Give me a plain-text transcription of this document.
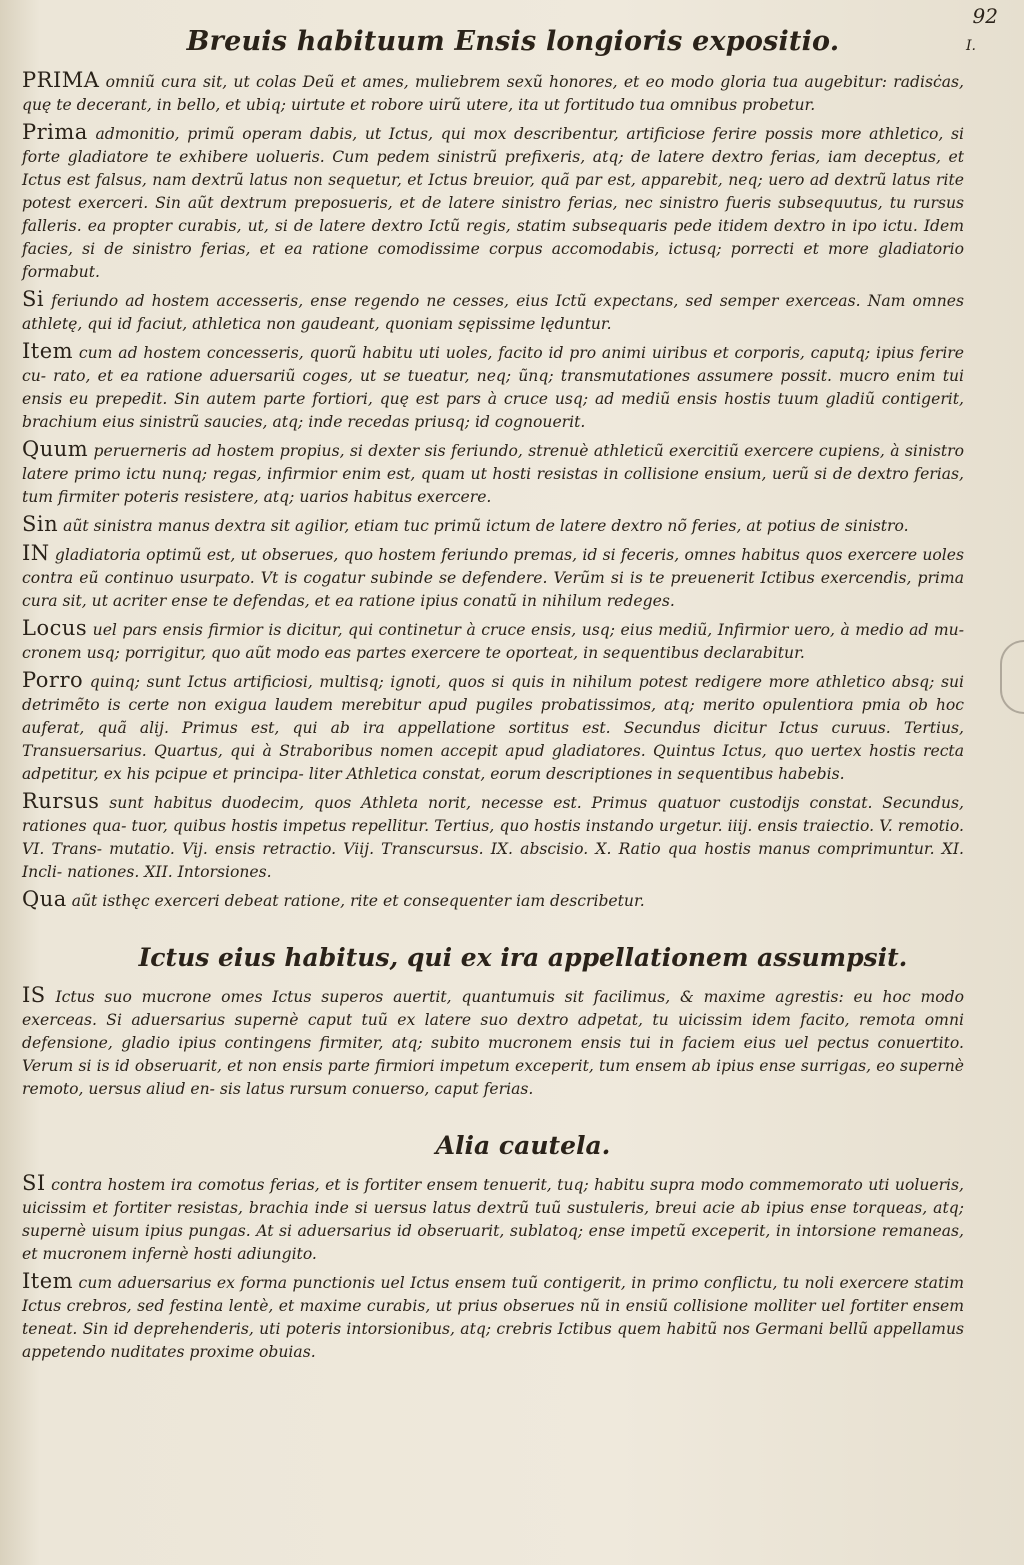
92
I.
Breuis habituum Ensis longioris expositio.

PRIMA omniũ cura sit, ut colas Deũ et ames, muliebrem sexũ honores, et eo modo gloria tua augebitur: radisċas, quę te decerant, in bello, et ubiq; uirtute et robore uirũ utere, ita ut fortitudo tua omnibus probetur.

Prima admonitio, primũ operam dabis, ut Ictus, qui mox describentur, artificiose ferire possis more athletico, si forte gladiatore te exhibere uolueris. Cum pedem sinistrũ prefixeris, atq; de latere dextro ferias, iam deceptus, et Ictus est falsus, nam dextrũ latus non sequetur, et Ictus breuior, quã par est, apparebit, neq; uero ad dextrũ latus rite potest exerceri. Sin aũt dextrum preposueris, et de latere sinistro ferias, nec sinistro fueris subsequutus, tu rursus falleris. ea propter curabis, ut, si de latere dextro Ictũ regis, statim subsequaris pede itidem dextro in ipo ictu. Idem facies, si de sinistro ferias, et ea ratione comodissime corpus accomodabis, ictusq; porrecti et more gladiatorio formabut.

Si feriundo ad hostem accesseris, ense regendo ne cesses, eius Ictũ expectans, sed semper exerceas. Nam omnes athletę, qui id faciut, athletica non gaudeant, quoniam sępissime lęduntur.

Item cum ad hostem concesseris, quorũ habitu uti uoles, facito id pro animi uiribus et corporis, caputq; ipius ferire cu- rato, et ea ratione aduersariũ coges, ut se tueatur, neq; ũnq; transmutationes assumere possit. mucro enim tui ensis eu prepedit. Sin autem parte fortiori, quę est pars à cruce usq; ad mediũ ensis hostis tuum gladiũ contigerit, brachium eius sinistrũ saucies, atq; inde recedas priusq; id cognouerit.

Quum peruerneris ad hostem propius, si dexter sis feriundo, strenuè athleticũ exercitiũ exercere cupiens, à sinistro latere primo ictu nunq; regas, infirmior enim est, quam ut hosti resistas in collisione ensium, uerũ si de dextro ferias, tum firmiter poteris resistere, atq; uarios habitus exercere.

Sin aũt sinistra manus dextra sit agilior, etiam tuc primũ ictum de latere dextro nõ feries, at potius de sinistro.

IN gladiatoria optimũ est, ut obserues, quo hostem feriundo premas, id si feceris, omnes habitus quos exercere uoles contra eũ continuo usurpato. Vt is cogatur subinde se defendere. Verũm si is te preuenerit Ictibus exercendis, prima cura sit, ut acriter ense te defendas, et ea ratione ipius conatũ in nihilum redeges.

Locus uel pars ensis firmior is dicitur, qui continetur à cruce ensis, usq; eius mediũ, Infirmior uero, à medio ad mu- cronem usq; porrigitur, quo aũt modo eas partes exercere te oporteat, in sequentibus declarabitur.

Porro quinq; sunt Ictus artificiosi, multisq; ignoti, quos si quis in nihilum potest redigere more athletico absq; sui detrimẽto is certe non exigua laudem merebitur apud pugiles probatissimos, atq; merito opulentiora pmia ob hoc auferat, quã alij. Primus est, qui ab ira appellatione sortitus est. Secundus dicitur Ictus curuus. Tertius, Transuersarius. Quartus, qui à Straboribus nomen accepit apud gladiatores. Quintus Ictus, quo uertex hostis recta adpetitur, ex his pcipue et principa- liter Athletica constat, eorum descriptiones in sequentibus habebis.

Rursus sunt habitus duodecim, quos Athleta norit, necesse est. Primus quatuor custodijs constat. Secundus, rationes qua- tuor, quibus hostis impetus repellitur. Tertius, quo hostis instando urgetur. iiij. ensis traiectio. V. remotio. VI. Trans- mutatio. Vij. ensis retractio. Viij. Transcursus. IX. abscisio. X. Ratio qua hostis manus comprimuntur. XI. Incli- nationes. XII. Intorsiones.

Qua aũt isthęc exerceri debeat ratione, rite et consequenter iam describetur.

Ictus eius habitus, qui ex ira appellationem assumpsit.

IS Ictus suo mucrone omes Ictus superos auertit, quantumuis sit facilimus, & maxime agrestis: eu hoc modo exerceas. Si aduersarius supernè caput tuũ ex latere suo dextro adpetat, tu uicissim idem facito, remota omni defensione, gladio ipius contingens firmiter, atq; subito mucronem ensis tui in faciem eius uel pectus conuertito. Verum si is id obseruarit, et non ensis parte firmiori impetum exceperit, tum ensem ab ipius ense surrigas, eo supernè remoto, uersus aliud en- sis latus rursum conuerso, caput ferias.

Alia cautela.

SI contra hostem ira comotus ferias, et is fortiter ensem tenuerit, tuq; habitu supra modo commemorato uti uolueris, uicissim et fortiter resistas, brachia inde si uersus latus dextrũ tuũ sustuleris, breui acie ab ipius ense torqueas, atq; supernè uisum ipius pungas. At si aduersarius id obseruarit, sublatoq; ense impetũ exceperit, in intorsione remaneas, et mucronem infernè hosti adiungito.

Item cum aduersarius ex forma punctionis uel Ictus ensem tuũ contigerit, in primo conflictu, tu noli exercere statim Ictus crebros, sed festina lentè, et maxime curabis, ut prius obserues nũ in ensiũ collisione molliter uel fortiter ensem teneat. Sin id deprehenderis, uti poteris intorsionibus, atq; crebris Ictibus quem habitũ nos Germani bellũ appellamus appetendo nuditates proxime obuias.
